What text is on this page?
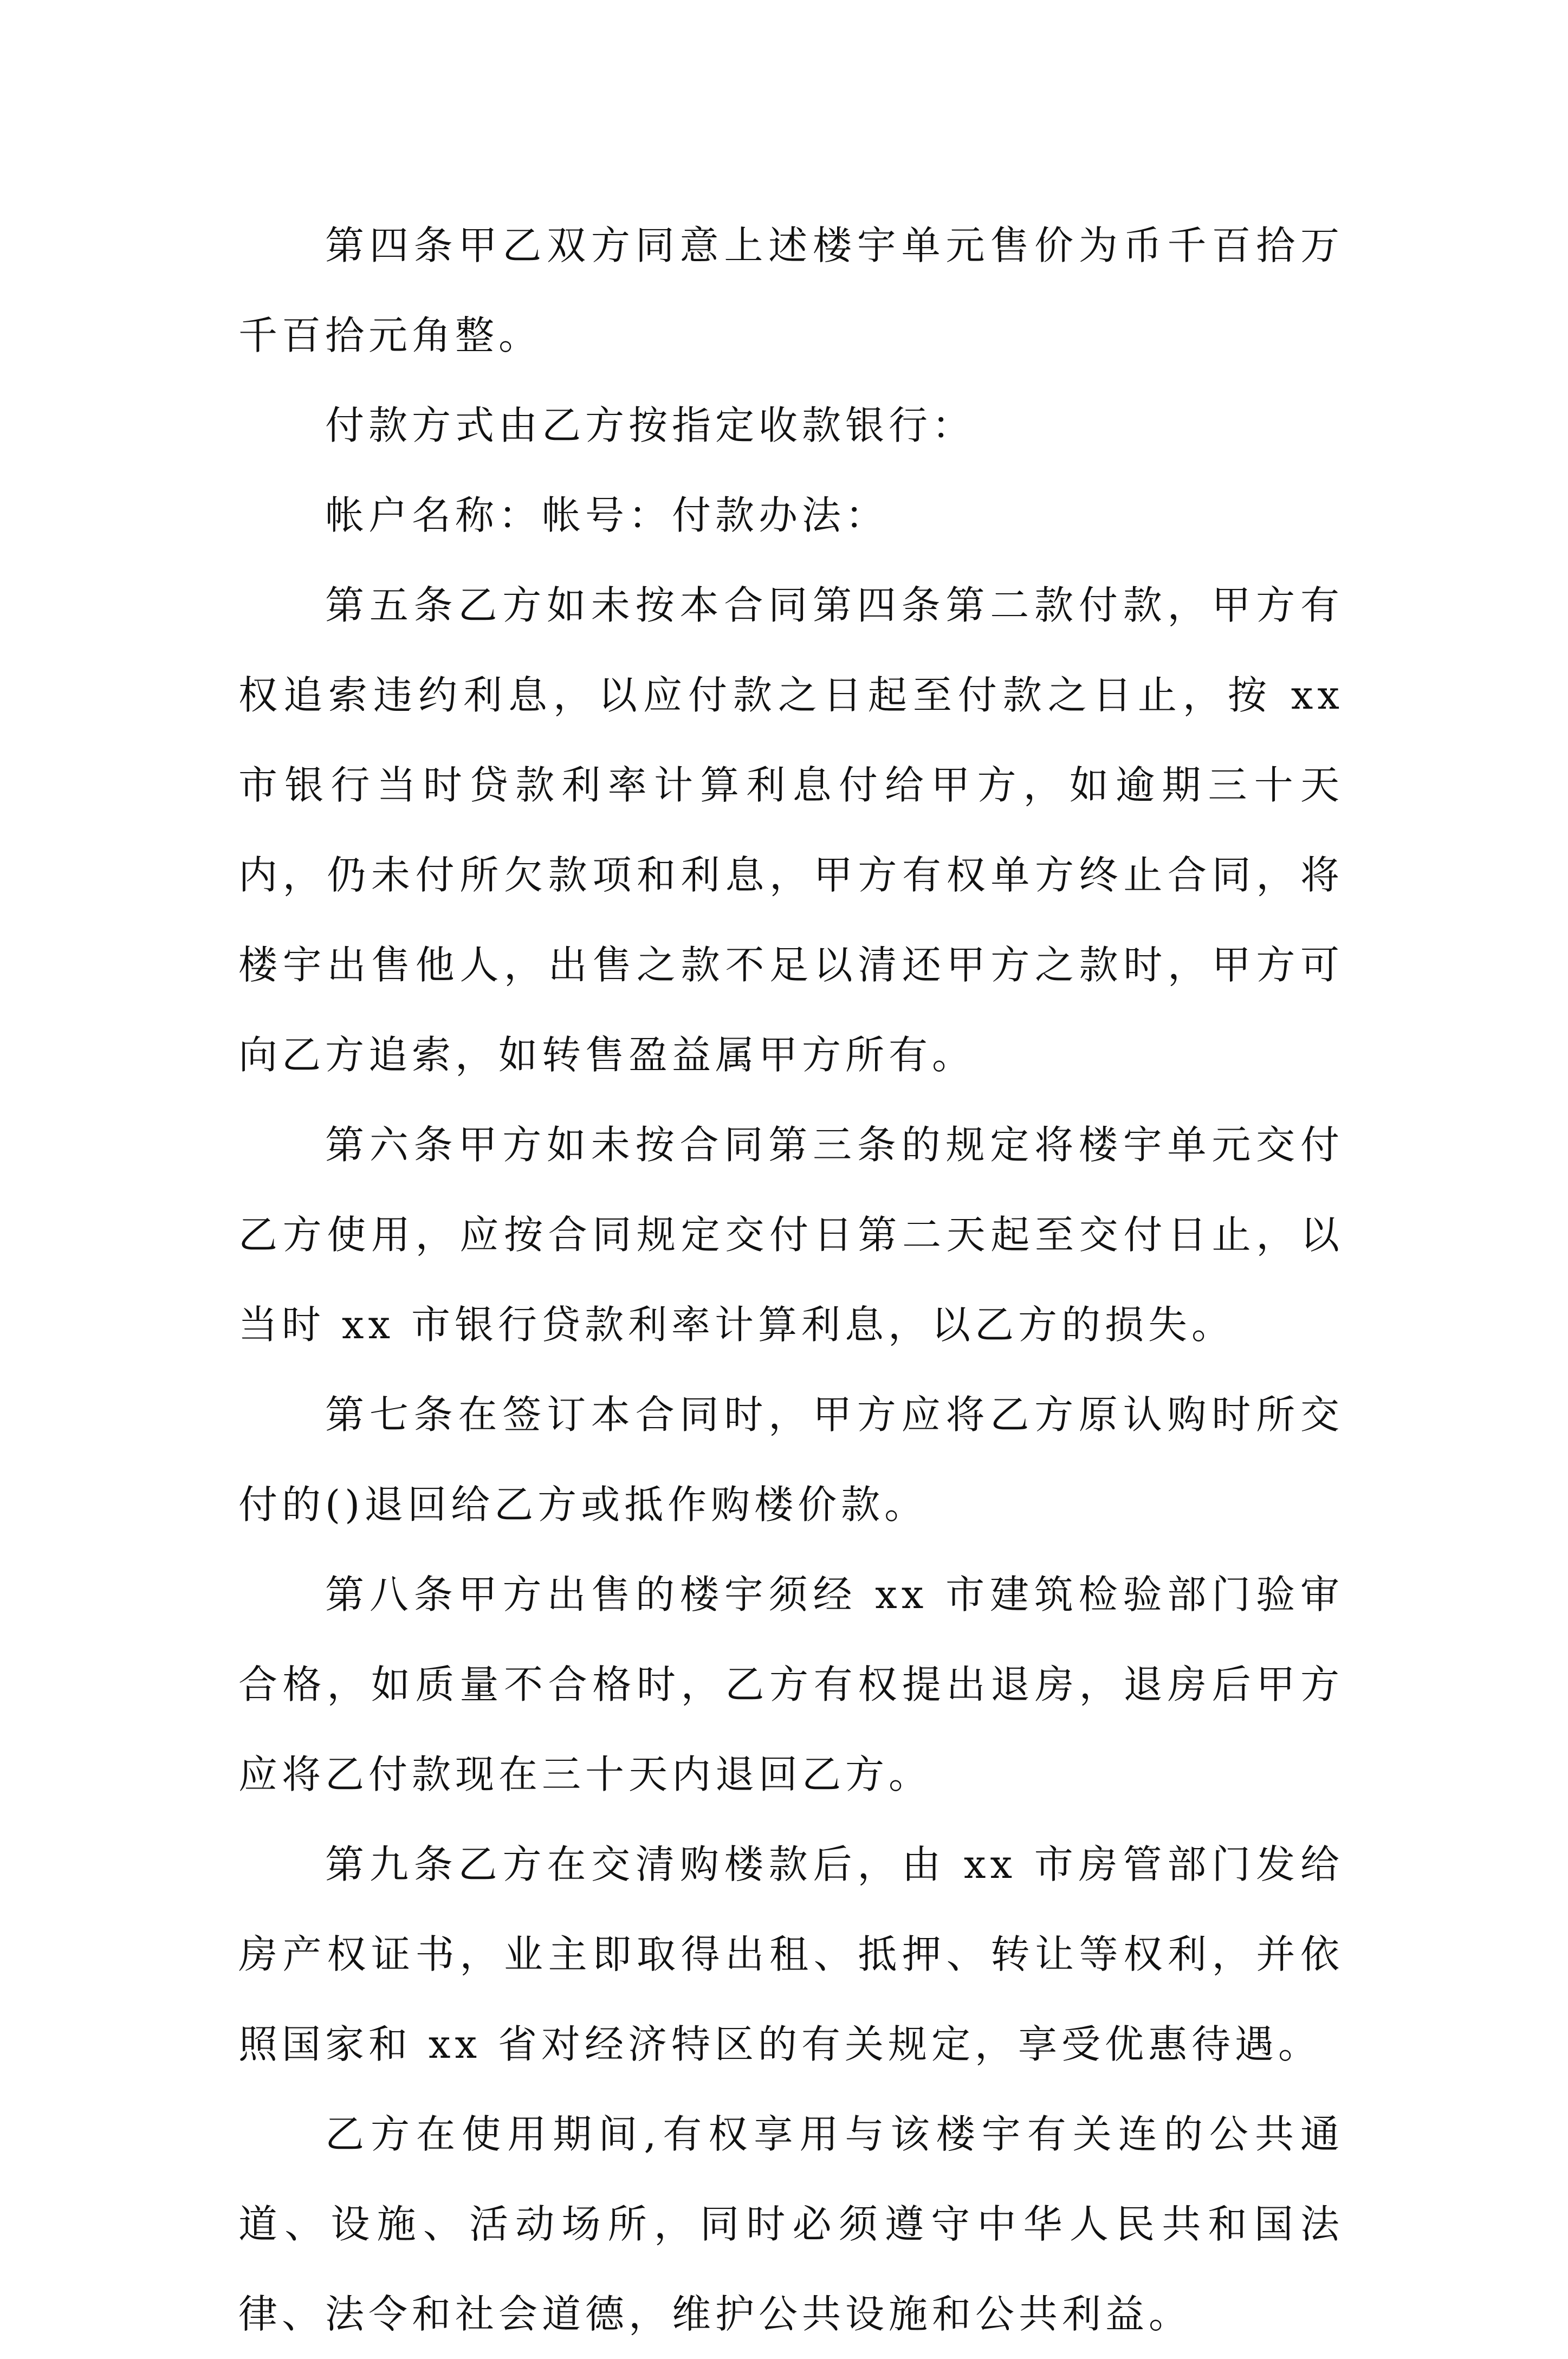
第四条甲乙双方同意上述楼宇单元售价为币千百拾万千百拾元角整。

付款方式由乙方按指定收款银行：

帐户名称：帐号：付款办法：

第五条乙方如未按本合同第四条第二款付款，甲方有权追索违约利息，以应付款之日起至付款之日止，按 xx 市银行当时贷款利率计算利息付给甲方，如逾期三十天内，仍未付所欠款项和利息，甲方有权单方终止合同，将楼宇出售他人，出售之款不足以清还甲方之款时，甲方可向乙方追索，如转售盈益属甲方所有。

第六条甲方如未按合同第三条的规定将楼宇单元交付乙方使用，应按合同规定交付日第二天起至交付日止，以当时 xx 市银行贷款利率计算利息，以乙方的损失。

第七条在签订本合同时，甲方应将乙方原认购时所交付的()退回给乙方或抵作购楼价款。

第八条甲方出售的楼宇须经 xx 市建筑检验部门验审合格，如质量不合格时，乙方有权提出退房，退房后甲方应将乙付款现在三十天内退回乙方。

第九条乙方在交清购楼款后，由 xx 市房管部门发给房产权证书，业主即取得出租、抵押、转让等权利，并依照国家和 xx 省对经济特区的有关规定，享受优惠待遇。

乙方在使用期间,有权享用与该楼宇有关连的公共通道、设施、活动场所，同时必须遵守中华人民共和国法律、法令和社会道德，维护公共设施和公共利益。
